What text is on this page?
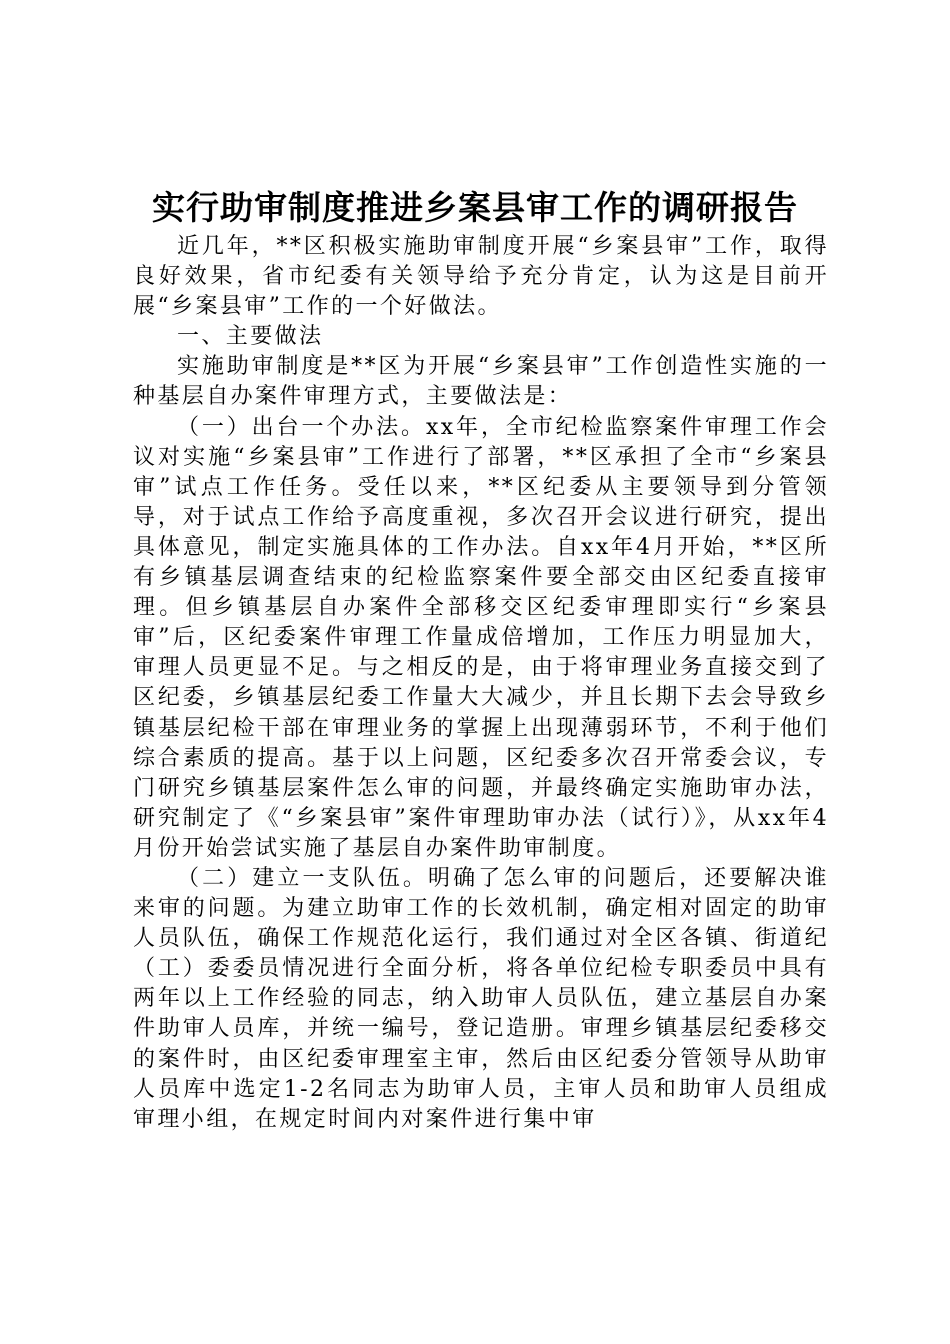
实行助审制度推进乡案县审工作的调研报告

近几年，**区积极实施助审制度开展“乡案县审”工作，取得良好效果，省市纪委有关领导给予充分肯定，认为这是目前开展“乡案县审”工作的一个好做法。

一、主要做法

实施助审制度是**区为开展“乡案县审”工作创造性实施的一种基层自办案件审理方式，主要做法是：

（一）出台一个办法。xx年，全市纪检监察案件审理工作会议对实施“乡案县审”工作进行了部署，**区承担了全市“乡案县审”试点工作任务。受任以来，**区纪委从主要领导到分管领导，对于试点工作给予高度重视，多次召开会议进行研究，提出具体意见，制定实施具体的工作办法。自xx年4月开始，**区所有乡镇基层调查结束的纪检监察案件要全部交由区纪委直接审理。但乡镇基层自办案件全部移交区纪委审理即实行“乡案县审”后，区纪委案件审理工作量成倍增加，工作压力明显加大，审理人员更显不足。与之相反的是，由于将审理业务直接交到了区纪委，乡镇基层纪委工作量大大减少，并且长期下去会导致乡镇基层纪检干部在审理业务的掌握上出现薄弱环节，不利于他们综合素质的提高。基于以上问题，区纪委多次召开常委会议，专门研究乡镇基层案件怎么审的问题，并最终确定实施助审办法，研究制定了《“乡案县审”案件审理助审办法（试行）》，从xx年4月份开始尝试实施了基层自办案件助审制度。

（二）建立一支队伍。明确了怎么审的问题后，还要解决谁来审的问题。为建立助审工作的长效机制，确定相对固定的助审人员队伍，确保工作规范化运行，我们通过对全区各镇、街道纪（工）委委员情况进行全面分析，将各单位纪检专职委员中具有两年以上工作经验的同志，纳入助审人员队伍，建立基层自办案件助审人员库，并统一编号，登记造册。审理乡镇基层纪委移交的案件时，由区纪委审理室主审，然后由区纪委分管领导从助审人员库中选定1-2名同志为助审人员，主审人员和助审人员组成审理小组，在规定时间内对案件进行集中审
